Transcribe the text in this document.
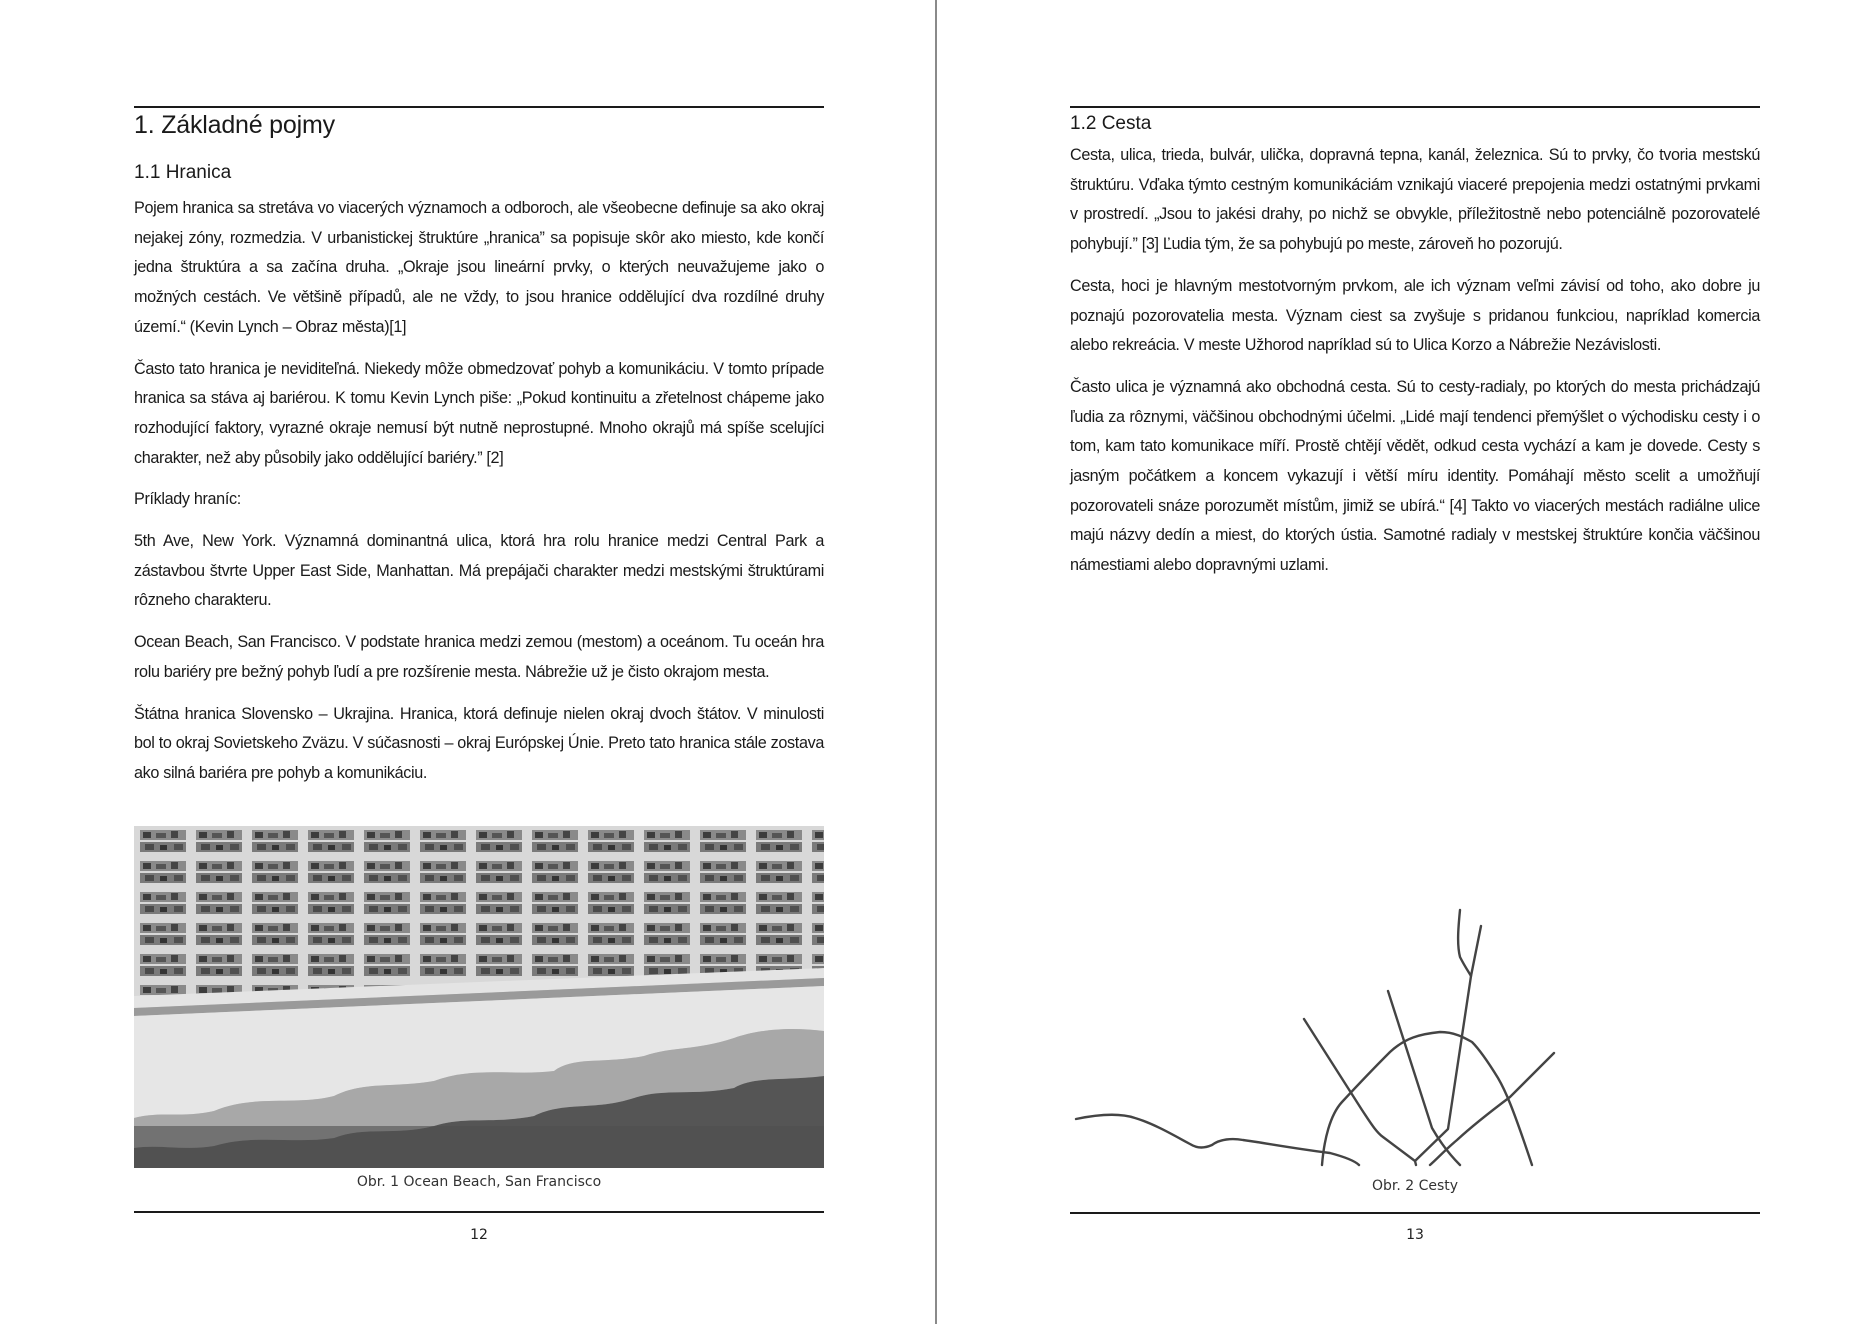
1. Základné pojmy
1.1 Hranica

Pojem hranica sa stretáva vo viacerých významoch a odboroch, ale všeobecne definuje sa ako okraj nejakej zóny, rozmedzia. V urbanistickej štruktúre „hranica” sa popisuje skôr ako miesto, kde končí jedna štruktúra a sa začína druha. „Okraje jsou lineární prvky, o kterých neuvažujeme jako o možných cestách. Ve většině případů, ale ne vždy, to jsou hranice oddělující dva rozdílné druhy území.“ (Kevin Lynch – Obraz města)[1]

Často tato hranica je neviditeľná. Niekedy môže obmedzovať pohyb a komunikáciu. V tomto prípade hranica sa stáva aj bariérou. K tomu Kevin Lynch piše: „Pokud kontinuitu a zřetelnost chápeme jako rozhodující faktory, vyrazné okraje nemusí být nutně neprostupné. Mnoho okrajů má spíše scelujíci charakter, než aby působily jako oddělující bariéry.” [2]

Príklady hraníc:

5th Ave, New York. Významná dominantná ulica, ktorá hra rolu hranice medzi Central Park a zástavbou štvrte Upper East Side, Manhattan. Má prepájači charakter medzi mestskými štruktúrami rôzneho charakteru.

Ocean Beach, San Francisco. V podstate hranica medzi zemou (mestom) a oceánom. Tu oceán hra rolu bariéry pre bežný pohyb ľudí a pre rozšírenie mesta. Nábrežie už je čisto okrajom mesta.

Štátna hranica Slovensko – Ukrajina. Hranica, ktorá definuje nielen okraj dvoch štátov. V minulosti bol to okraj Sovietskeho Zväzu. V súčasnosti – okraj Európskej Únie. Preto tato hranica stále zostava ako silná bariéra pre pohyb a komunikáciu.

Obr. 1 Ocean Beach, San Francisco
12
1.2 Cesta

Cesta, ulica, trieda, bulvár, ulička, dopravná tepna, kanál, železnica. Sú to prvky, čo tvoria mestskú štruktúru. Vďaka týmto cestným komunikáciám vznikajú viaceré prepojenia medzi ostatnými prvkami v prostredí. „Jsou to jakési drahy, po nichž se obvykle, příležitostně nebo potenciálně pozorovatelé pohybují.” [3] Ľudia tým, že sa pohybujú po meste, zároveň ho pozorujú.

Cesta, hoci je hlavným mestotvorným prvkom, ale ich význam veľmi závisí od toho, ako dobre ju poznajú pozorovatelia mesta. Význam ciest sa zvyšuje s pridanou funkciou, napríklad komercia alebo rekreácia. V meste Užhorod napríklad sú to Ulica Korzo a Nábrežie Nezávislosti.

Často ulica je významná ako obchodná cesta. Sú to cesty-radialy, po ktorých do mesta prichádzajú ľudia za rôznymi, väčšinou obchodnými účelmi. „Lidé mají tendenci přemýšlet o východisku cesty i o tom, kam tato komunikace míří. Prostě chtějí vědět, odkud cesta vychází a kam je dovede. Cesty s jasným počátkem a koncem vykazují i větší míru identity. Pomáhají město scelit a umožňují pozorovateli snáze porozumět místům, jimiž se ubírá.“ [4] Takto vo viacerých mestách radiálne ulice majú názvy dedín a miest, do ktorých ústia. Samotné radialy v mestskej štruktúre končia väčšinou námestiami alebo dopravnými uzlami.

Obr. 2 Cesty
13
